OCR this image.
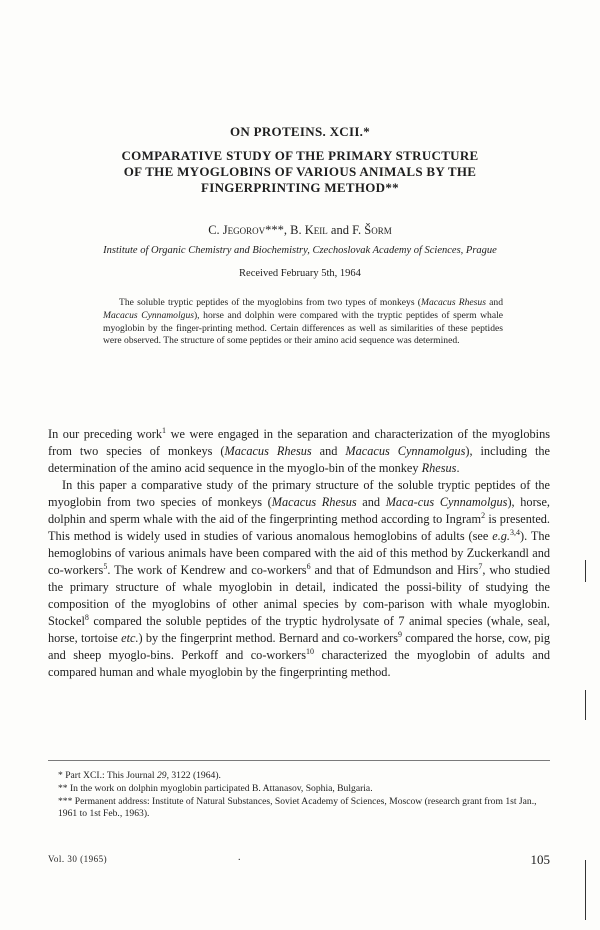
ON PROTEINS. XCII.*
COMPARATIVE STUDY OF THE PRIMARY STRUCTURE
OF THE MYOGLOBINS OF VARIOUS ANIMALS BY THE
FINGERPRINTING METHOD**
C. Jegorov***, B. Keil and F. Šorm
Institute of Organic Chemistry and Biochemistry, Czechoslovak Academy of Sciences, Prague
Received February 5th, 1964
The soluble tryptic peptides of the myoglobins from two types of monkeys (Macacus Rhesus and Macacus Cynnamolgus), horse and dolphin were compared with the tryptic peptides of sperm whale myoglobin by the finger-printing method. Certain differences as well as similarities of these peptides were observed. The structure of some peptides or their amino acid sequence was determined.

In our preceding work$^1$ we were engaged in the separation and characterization of the myoglobins from two species of monkeys (Macacus Rhesus and Macacus Cynnamolgus), including the determination of the amino acid sequence in the myoglo-bin of the monkey Rhesus.

In this paper a comparative study of the primary structure of the soluble tryptic peptides of the myoglobin from two species of monkeys (Macacus Rhesus and Maca-cus Cynnamolgus), horse, dolphin and sperm whale with the aid of the fingerprinting method according to Ingram$^2$ is presented. This method is widely used in studies of various anomalous hemoglobins of adults (see e.g.$^{3,4}$). The hemoglobins of various animals have been compared with the aid of this method by Zuckerkandl and co-workers$^5$. The work of Kendrew and co-workers$^6$ and that of Edmundson and Hirs$^7$, who studied the primary structure of whale myoglobin in detail, indicated the possi-bility of studying the composition of the myoglobins of other animal species by com-parison with whale myoglobin. Stockel$^8$ compared the soluble peptides of the tryptic hydrolysate of 7 animal species (whale, seal, horse, tortoise etc.) by the fingerprint method. Bernard and co-workers$^9$ compared the horse, cow, pig and sheep myoglo-bins. Perkoff and co-workers$^{10}$ characterized the myoglobin of adults and compared human and whale myoglobin by the fingerprinting method.

* Part XCI.: This Journal 29, 3122 (1964).
** In the work on dolphin myoglobin participated B. Attanasov, Sophia, Bulgaria.
*** Permanent address: Institute of Natural Substances, Soviet Academy of Sciences, Moscow (research grant from 1st Jan., 1961 to 1st Feb., 1963).
Vol. 30 (1965)	.	105
